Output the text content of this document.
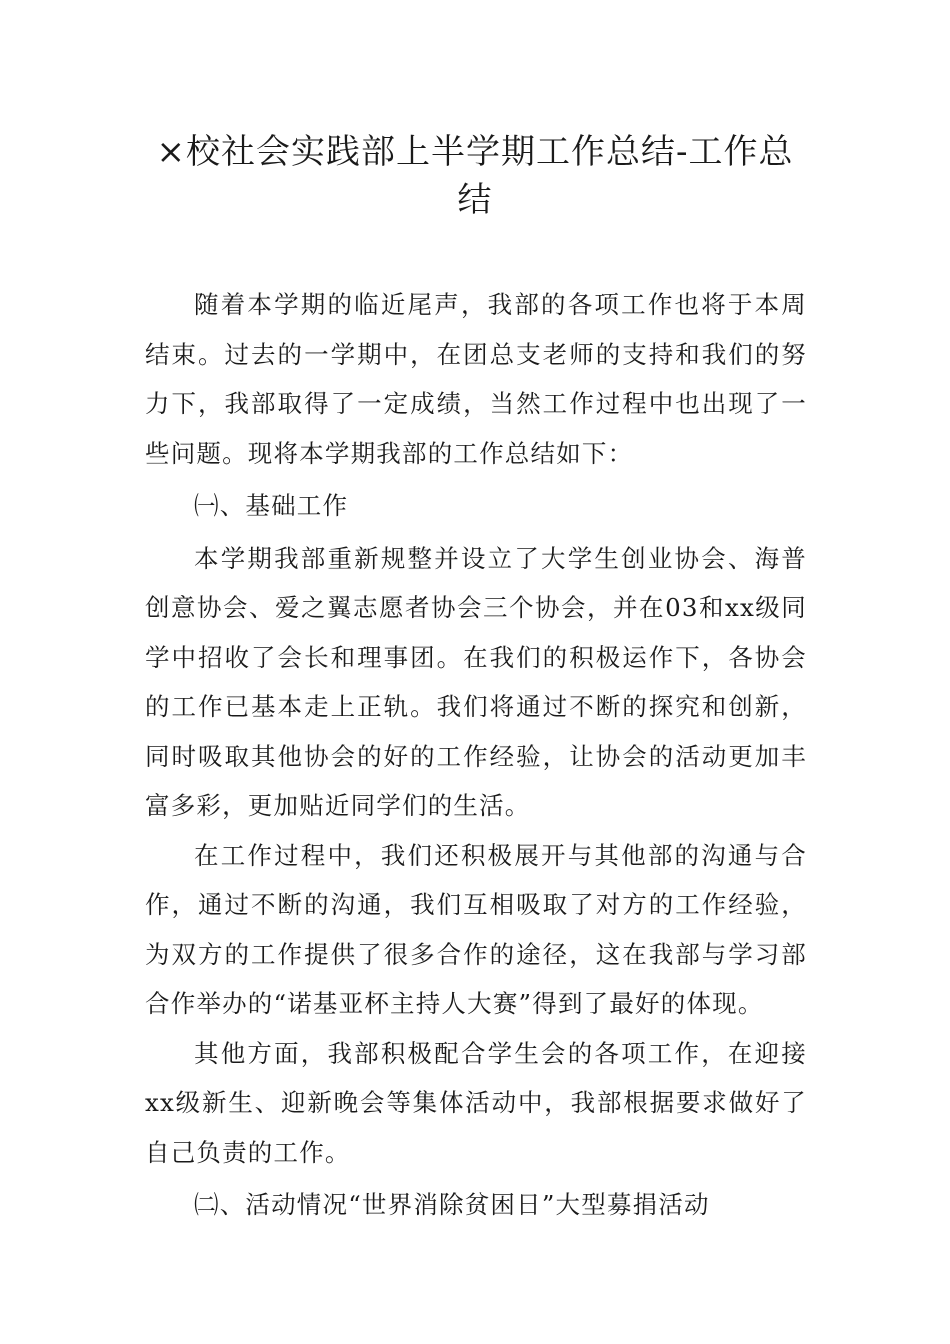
×校社会实践部上半学期工作总结-工作总结

随着本学期的临近尾声，我部的各项工作也将于本周结束。过去的一学期中，在团总支老师的支持和我们的努力下，我部取得了一定成绩，当然工作过程中也出现了一些问题。现将本学期我部的工作总结如下：

㈠、基础工作

本学期我部重新规整并设立了大学生创业协会、海普创意协会、爱之翼志愿者协会三个协会，并在03和xx级同学中招收了会长和理事团。在我们的积极运作下，各协会的工作已基本走上正轨。我们将通过不断的探究和创新，同时吸取其他协会的好的工作经验，让协会的活动更加丰富多彩，更加贴近同学们的生活。

在工作过程中，我们还积极展开与其他部的沟通与合作，通过不断的沟通，我们互相吸取了对方的工作经验，为双方的工作提供了很多合作的途径，这在我部与学习部合作举办的“诺基亚杯主持人大赛”得到了最好的体现。

其他方面，我部积极配合学生会的各项工作，在迎接xx级新生、迎新晚会等集体活动中，我部根据要求做好了自己负责的工作。

㈡、活动情况“世界消除贫困日”大型募捐活动
